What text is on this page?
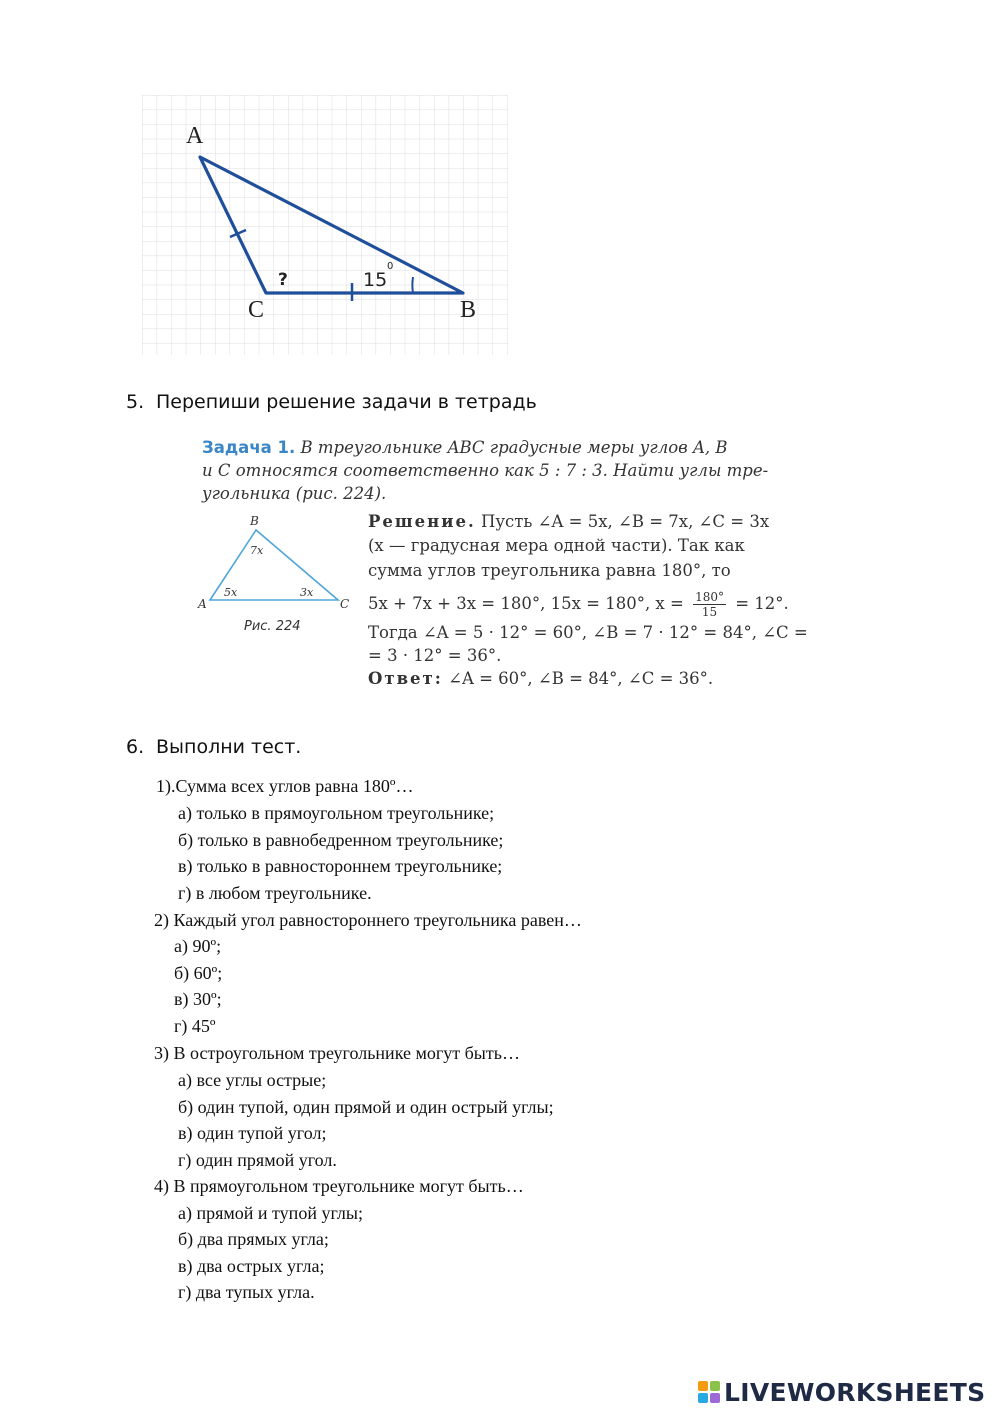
A
C	B
?	15
0
5. Перепиши решение задачи в тетрадь
Задача 1. В треугольнике ABC градусные меры углов A, B
и C относятся соответственно как 5 : 7 : 3. Найти углы тре-
угольника (рис. 224).
B
A	C
7x
5x	3x
Рис. 224
Решение. Пусть ∠A = 5x, ∠B = 7x, ∠C = 3x
(x — градусная мера одной части). Так как
сумма углов треугольника равна 180°, то
5x + 7x + 3x = 180°, 15x = 180°, $x = \frac{180^\circ}{15} = 12^\circ$.
Тогда ∠A = 5 · 12° = 60°, ∠B = 7 · 12° = 84°, ∠C =
= 3 · 12° = 36°.
Ответ: ∠A = 60°, ∠B = 84°, ∠C = 36°.
6. Выполни тест.
1).Сумма всех углов равна 180º…
а) только в прямоугольном треугольнике;
б) только в равнобедренном треугольнике;
в) только в равностороннем треугольнике;
г) в любом треугольнике.
2) Каждый угол равностороннего треугольника равен…
а) 90º;
б) 60º;
в) 30º;
г) 45º
3) В остроугольном треугольнике могут быть…
а) все углы острые;
б) один тупой, один прямой и один острый углы;
в) один тупой угол;
г) один прямой угол.
4) В прямоугольном треугольнике могут быть…
а) прямой и тупой углы;
б) два прямых угла;
в) два острых угла;
г) два тупых угла.
LIVEWORKSHEETS
